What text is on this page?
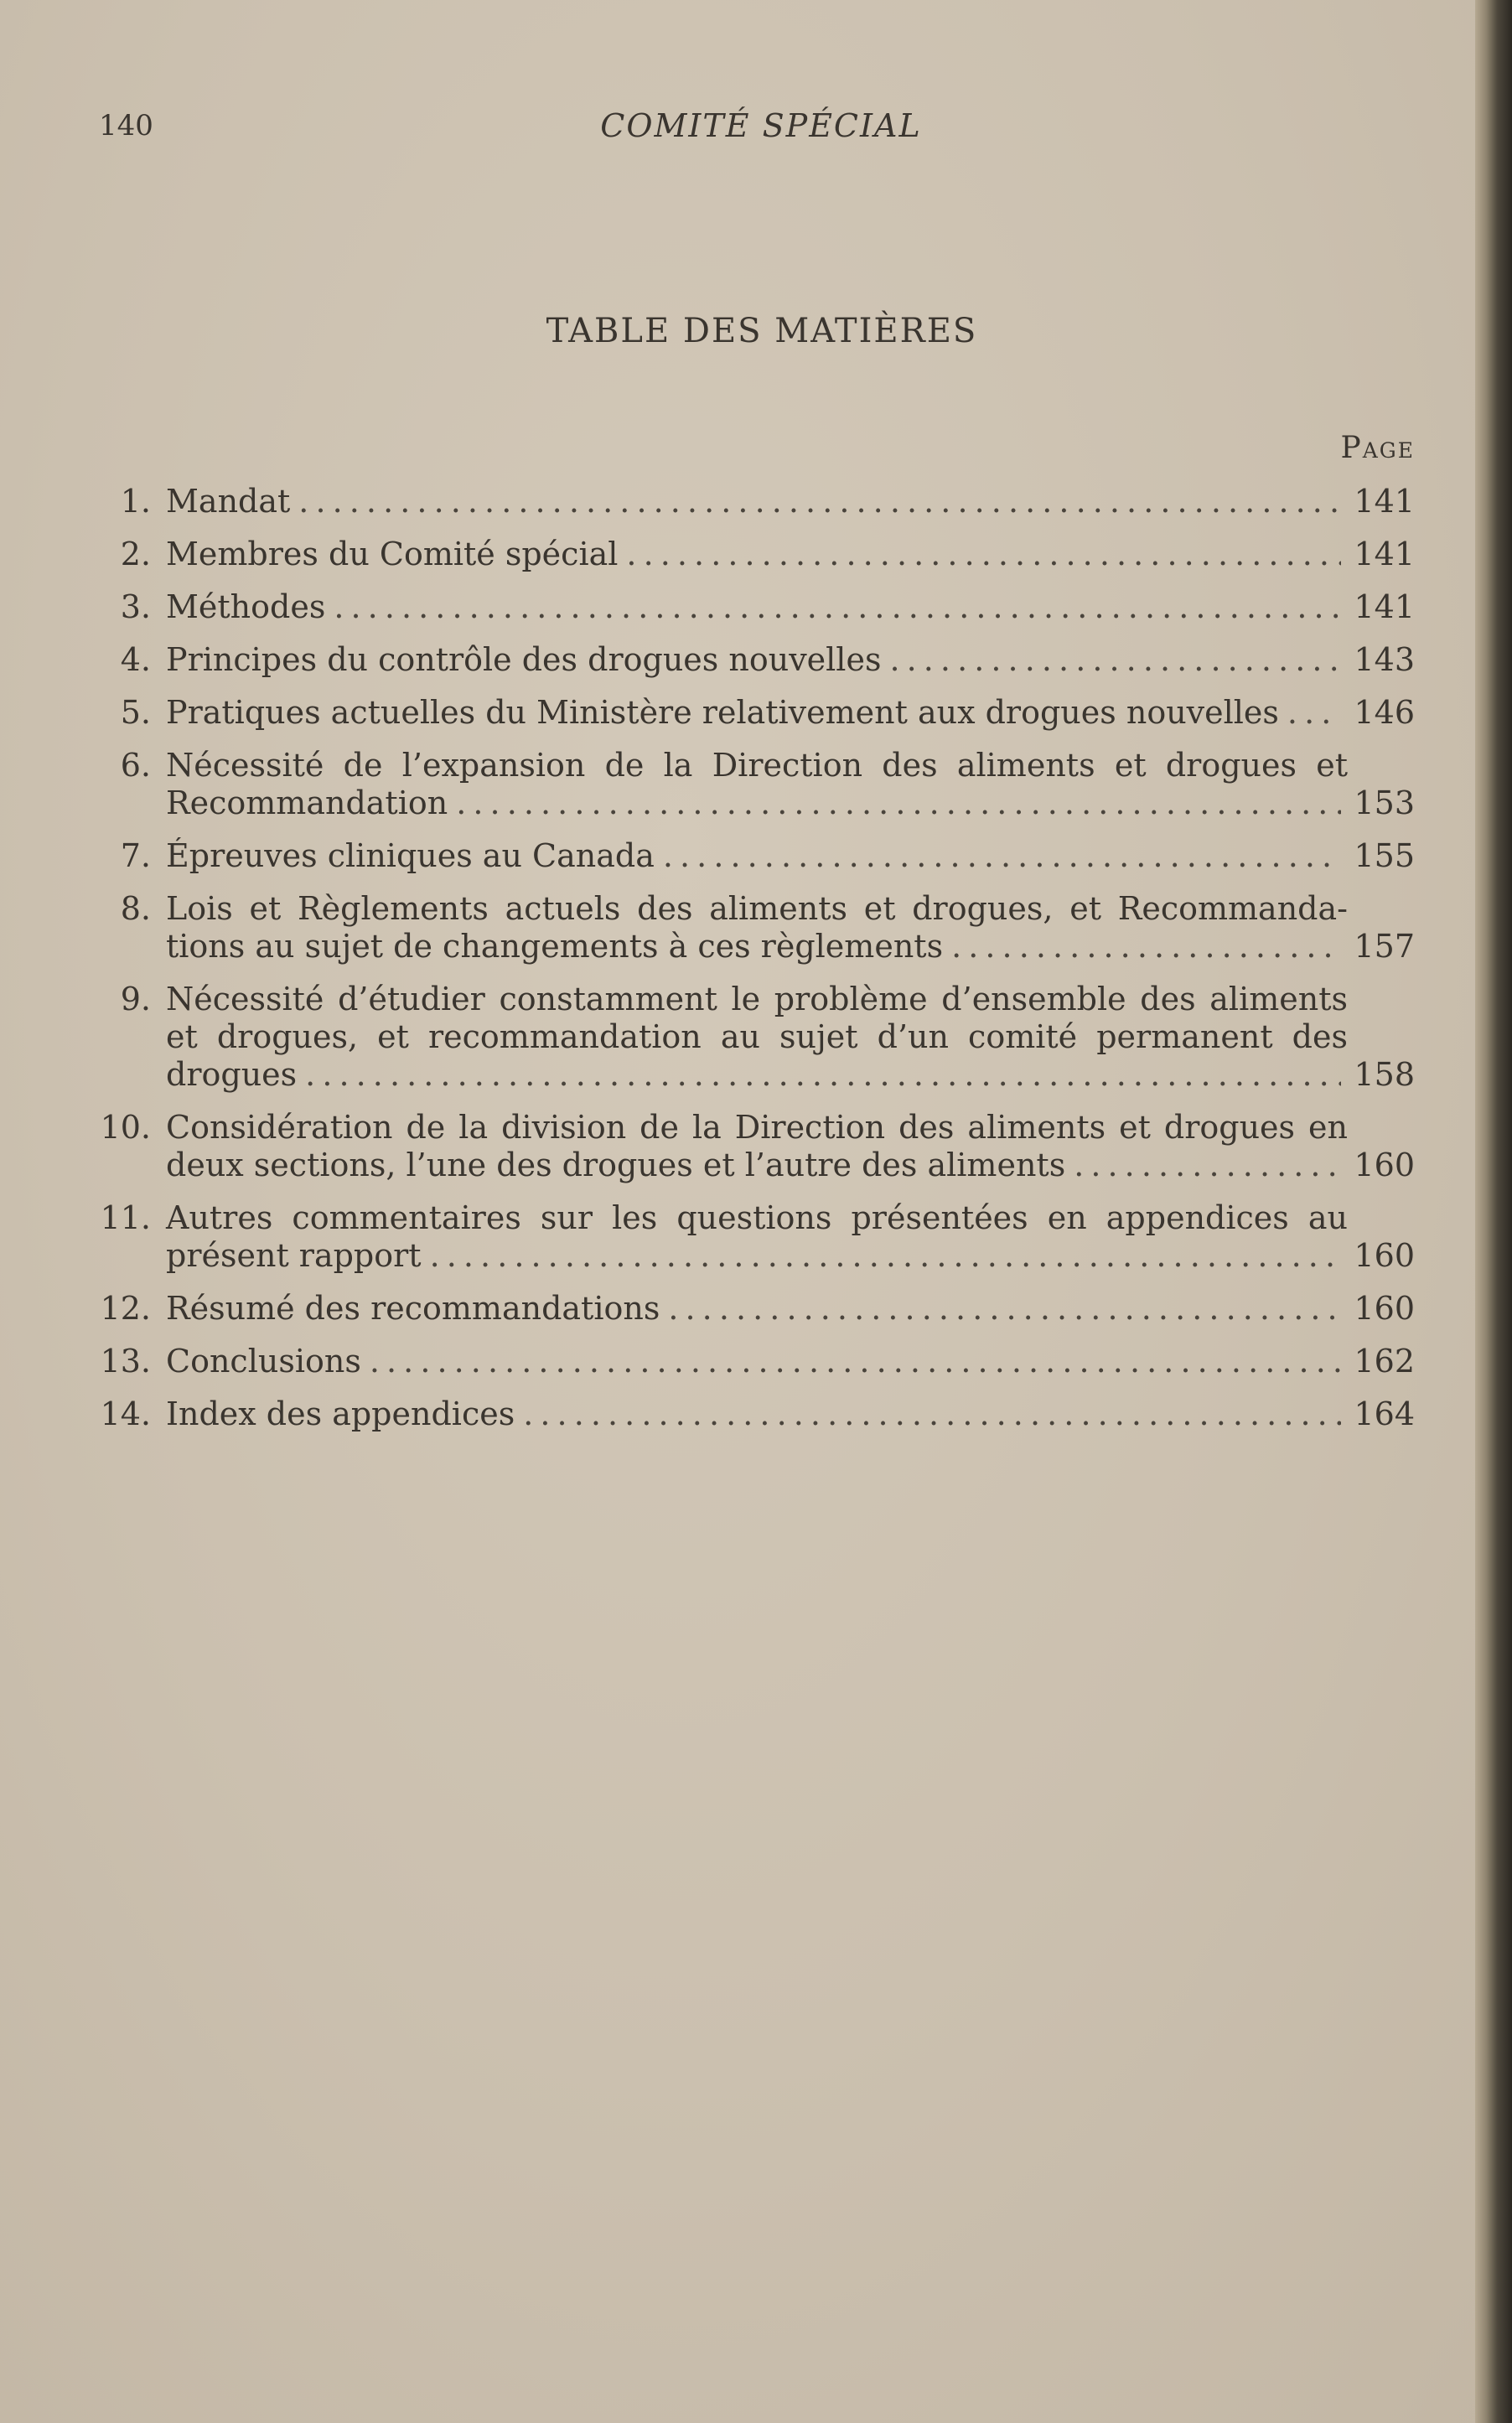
140	COMITÉ SPÉCIAL
TABLE DES MATIÈRES
Page
1. Mandat . . .	141
2. Membres du Comité spécial . . .	141
3. Méthodes . . .	141
4. Principes du contrôle des drogues nouvelles . . .	143
5. Pratiques actuelles du Ministère relativement aux drogues nouvelles . . . 146
6. Nécessité de l’expansion de la Direction des aliments et drogues et
Recommandation . . .	153
7. Épreuves cliniques au Canada . . .	155
8. Lois et Règlements actuels des aliments et drogues, et Recommanda-
tions au sujet de changements à ces règlements . . .	157
9. Nécessité d’étudier constamment le problème d’ensemble des aliments et drogues, et recommandation au sujet d’un comité permanent des
drogues . . .	158
10. Considération de la division de la Direction des aliments et drogues en
deux sections, l’une des drogues et l’autre des aliments . . .	160
11. Autres commentaires sur les questions présentées en appendices au
présent rapport . . .	160
12. Résumé des recommandations . . .	160
13. Conclusions . . .	162
14. Index des appendices . . .	164
